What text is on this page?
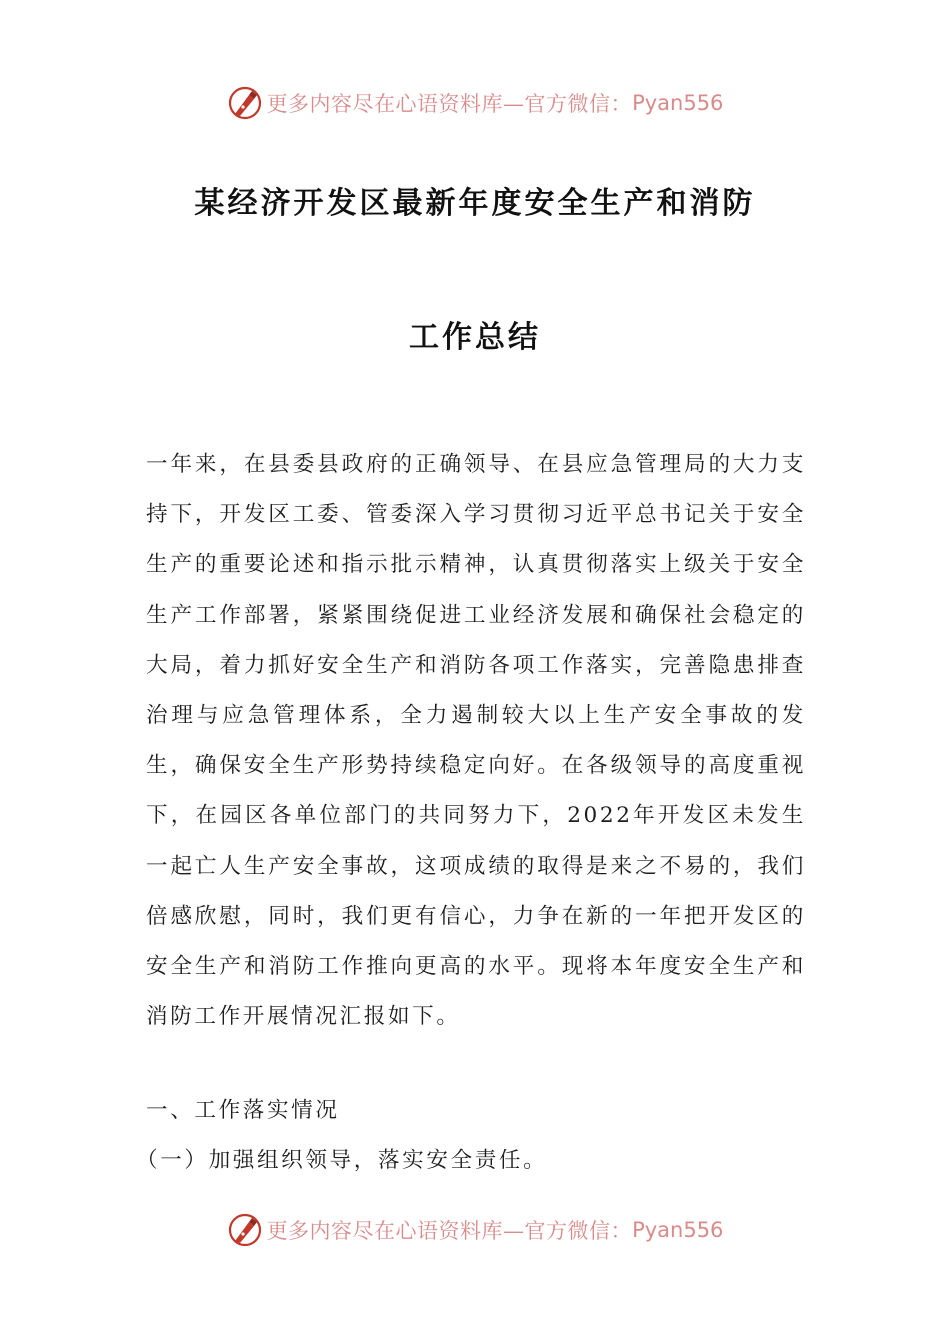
更多内容尽在心语资料库—官方微信： Pyan556
某经济开发区最新年度安全生产和消防
工作总结

一年来，在县委县政府的正确领导、在县应急管理局的大力支持下，开发区工委、管委深入学习贯彻习近平总书记关于安全生产的重要论述和指示批示精神，认真贯彻落实上级关于安全生产工作部署，紧紧围绕促进工业经济发展和确保社会稳定的大局，着力抓好安全生产和消防各项工作落实，完善隐患排查治理与应急管理体系，全力遏制较大以上生产安全事故的发生，确保安全生产形势持续稳定向好。在各级领导的高度重视下，在园区各单位部门的共同努力下，2022年开发区未发生一起亡人生产安全事故，这项成绩的取得是来之不易的，我们倍感欣慰，同时，我们更有信心，力争在新的一年把开发区的安全生产和消防工作推向更高的水平。现将本年度安全生产和消防工作开展情况汇报如下。

一、工作落实情况
（一）加强组织领导，落实安全责任。
更多内容尽在心语资料库—官方微信： Pyan556
